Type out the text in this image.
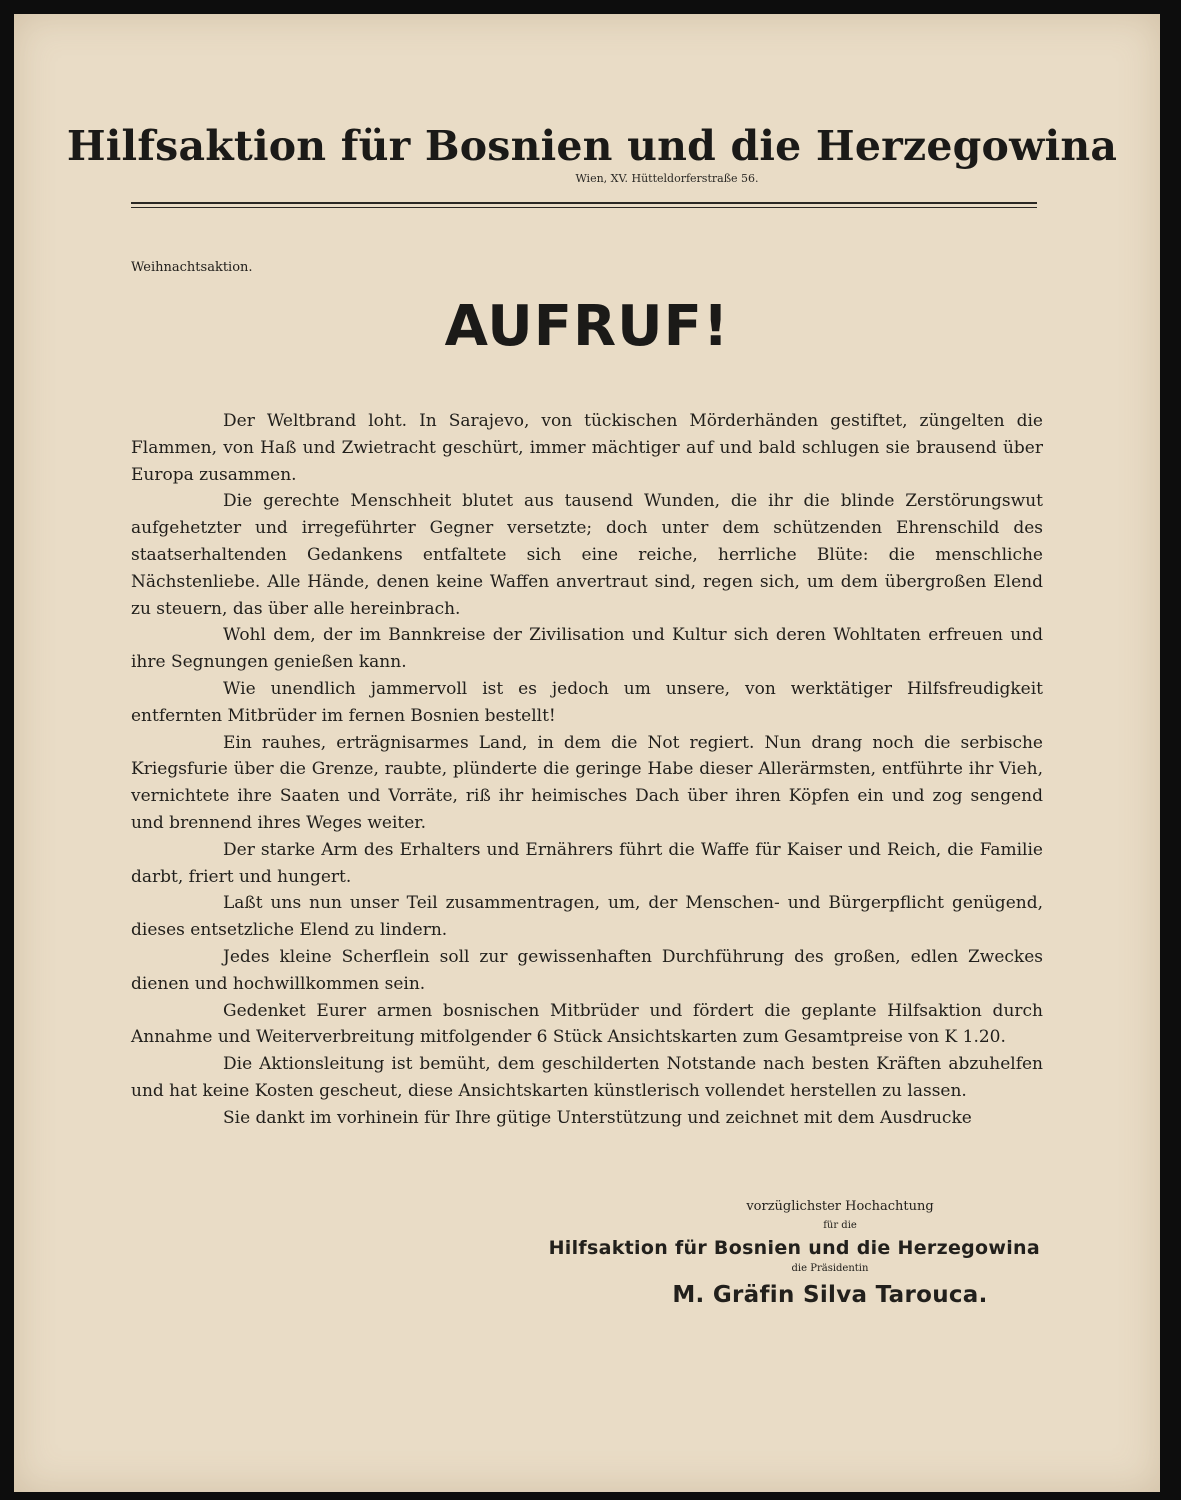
Hilfsaktion für Bosnien und die Herzegowina
Wien, XV. Hütteldorferstraße 56.
Weihnachtsaktion.
AUFRUF!

Der Weltbrand loht. In Sarajevo, von tückischen Mörderhänden gestiftet, züngelten die Flammen, von Haß und Zwietracht geschürt, immer mächtiger auf und bald schlugen sie brausend über Europa zusammen.

Die gerechte Menschheit blutet aus tausend Wunden, die ihr die blinde Zerstörungswut aufgehetzter und irregeführter Gegner versetzte; doch unter dem schützenden Ehrenschild des staatserhaltenden Gedankens entfaltete sich eine reiche, herrliche Blüte: die menschliche Nächstenliebe. Alle Hände, denen keine Waffen anvertraut sind, regen sich, um dem übergroßen Elend zu steuern, das über alle hereinbrach.

Wohl dem, der im Bannkreise der Zivilisation und Kultur sich deren Wohltaten erfreuen und ihre Segnungen genießen kann.

Wie unendlich jammervoll ist es jedoch um unsere, von werktätiger Hilfsfreudigkeit entfernten Mitbrüder im fernen Bosnien bestellt!

Ein rauhes, erträgnisarmes Land, in dem die Not regiert. Nun drang noch die serbische Kriegsfurie über die Grenze, raubte, plünderte die geringe Habe dieser Allerärmsten, entführte ihr Vieh, vernichtete ihre Saaten und Vorräte, riß ihr heimisches Dach über ihren Köpfen ein und zog sengend und brennend ihres Weges weiter.

Der starke Arm des Erhalters und Ernährers führt die Waffe für Kaiser und Reich, die Familie darbt, friert und hungert.

Laßt uns nun unser Teil zusammentragen, um, der Menschen- und Bürgerpflicht genügend, dieses entsetzliche Elend zu lindern.

Jedes kleine Scherflein soll zur gewissenhaften Durchführung des großen, edlen Zweckes dienen und hochwillkommen sein.

Gedenket Eurer armen bosnischen Mitbrüder und fördert die geplante Hilfsaktion durch Annahme und Weiterverbreitung mitfolgender 6 Stück Ansichtskarten zum Gesamtpreise von K 1.20.

Die Aktionsleitung ist bemüht, dem geschilderten Notstande nach besten Kräften abzuhelfen und hat keine Kosten gescheut, diese Ansichtskarten künstlerisch vollendet herstellen zu lassen.

Sie dankt im vorhinein für Ihre gütige Unterstützung und zeichnet mit dem Ausdrucke

vorzüglichster Hochachtung
für die
Hilfsaktion für Bosnien und die Herzegowina
die Präsidentin
M. Gräfin Silva Tarouca.
